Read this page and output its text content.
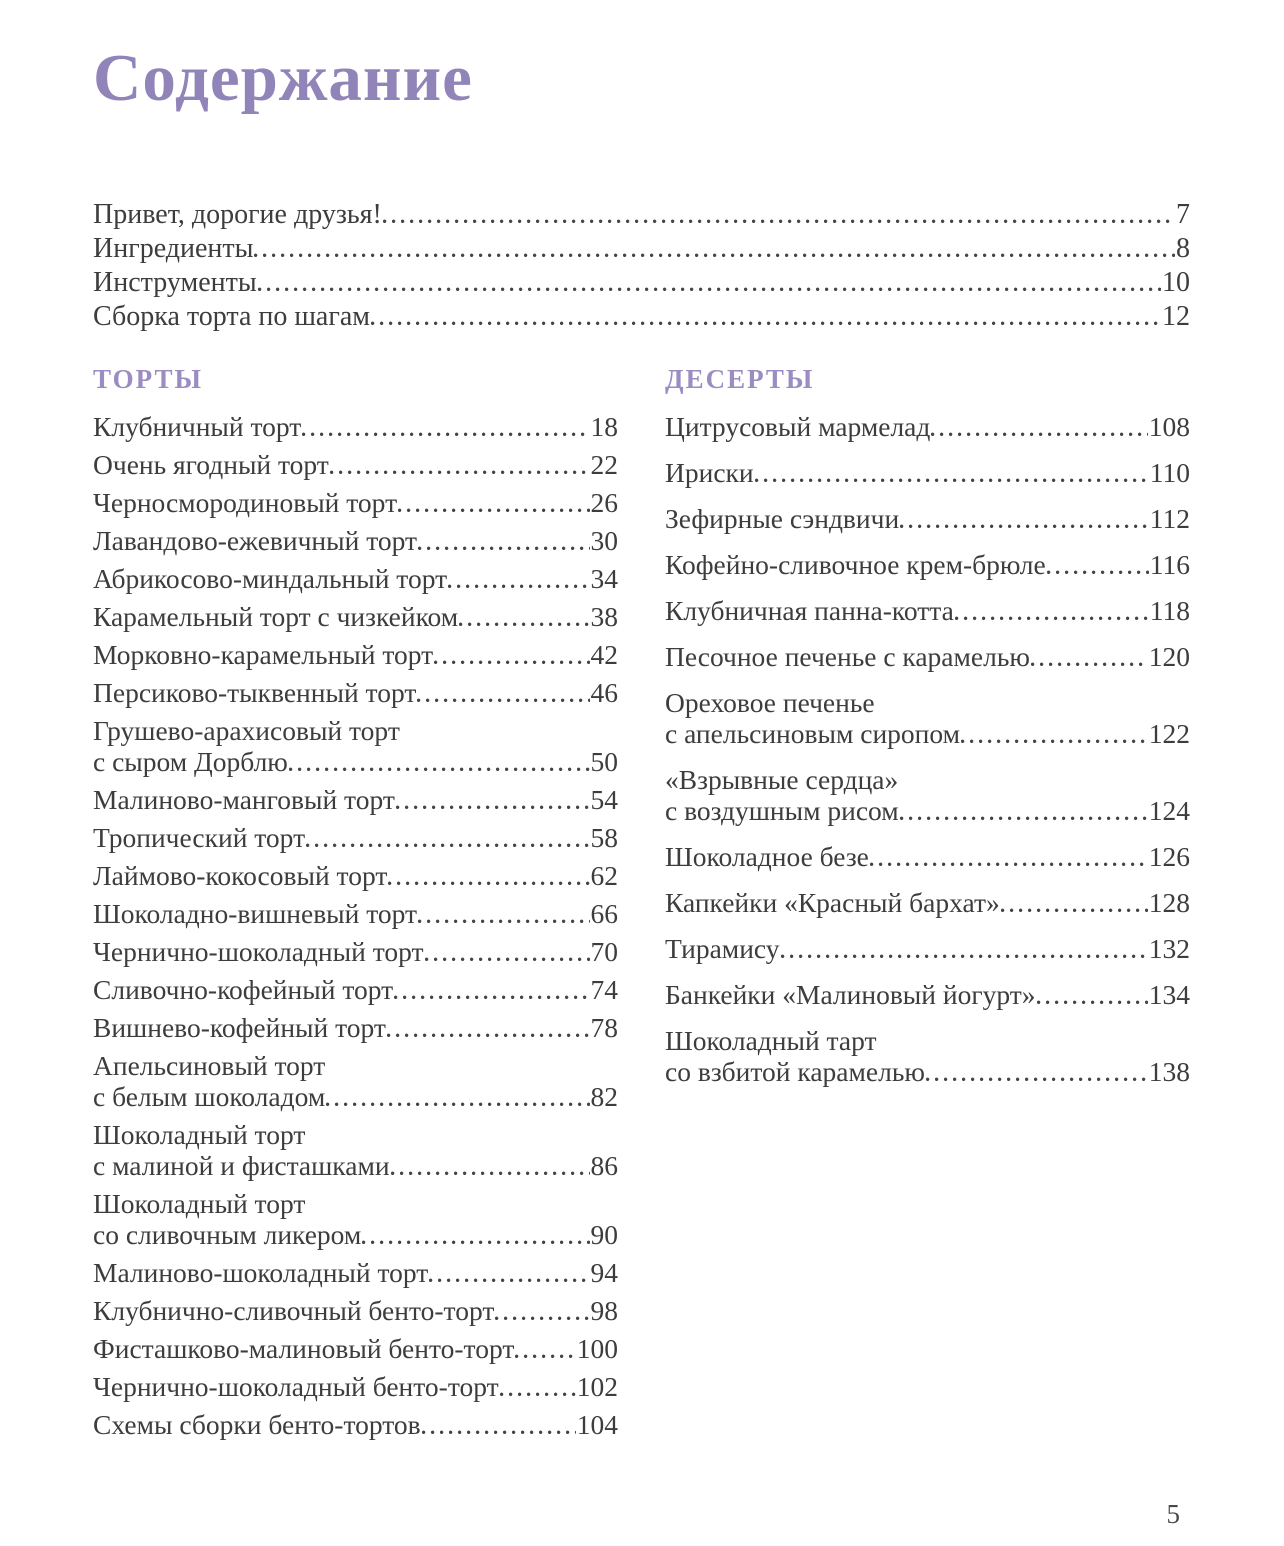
Содержание
Привет, дорогие друзья!	7
Ингредиенты	8
Инструменты	10
Сборка торта по шагам	12
ТОРТЫ
Клубничный торт	18
Очень ягодный торт	22
Черносмородиновый торт	26
Лавандово-ежевичный торт	30
Абрикосово-миндальный торт	34
Карамельный торт с чизкейком	38
Морковно-карамельный торт	42
Персиково-тыквенный торт	46
Грушево-арахисовый торт
с сыром Дорблю	50
Малиново-манговый торт	54
Тропический торт	58
Лаймово-кокосовый торт	62
Шоколадно-вишневый торт	66
Чернично-шоколадный торт	70
Сливочно-кофейный торт	74
Вишнево-кофейный торт	78
Апельсиновый торт
с белым шоколадом	82
Шоколадный торт
с малиной и фисташками	86
Шоколадный торт
со сливочным ликером	90
Малиново-шоколадный торт	94
Клубнично-сливочный бенто-торт	98
Фисташково-малиновый бенто-торт 100
Чернично-шоколадный бенто-торт	102
Схемы сборки бенто-тортов	104
ДЕСЕРТЫ
Цитрусовый мармелад	108
Ириски	110
Зефирные сэндвичи	112
Кофейно-сливочное крем-брюле	116
Клубничная панна-котта	118
Песочное печенье с карамелью	120
Ореховое печенье
с апельсиновым сиропом	122
«Взрывные сердца»
с воздушным рисом	124
Шоколадное безе	126
Капкейки «Красный бархат»	128
Тирамису	132
Банкейки «Малиновый йогурт»	134
Шоколадный тарт
со взбитой карамелью	138
5
